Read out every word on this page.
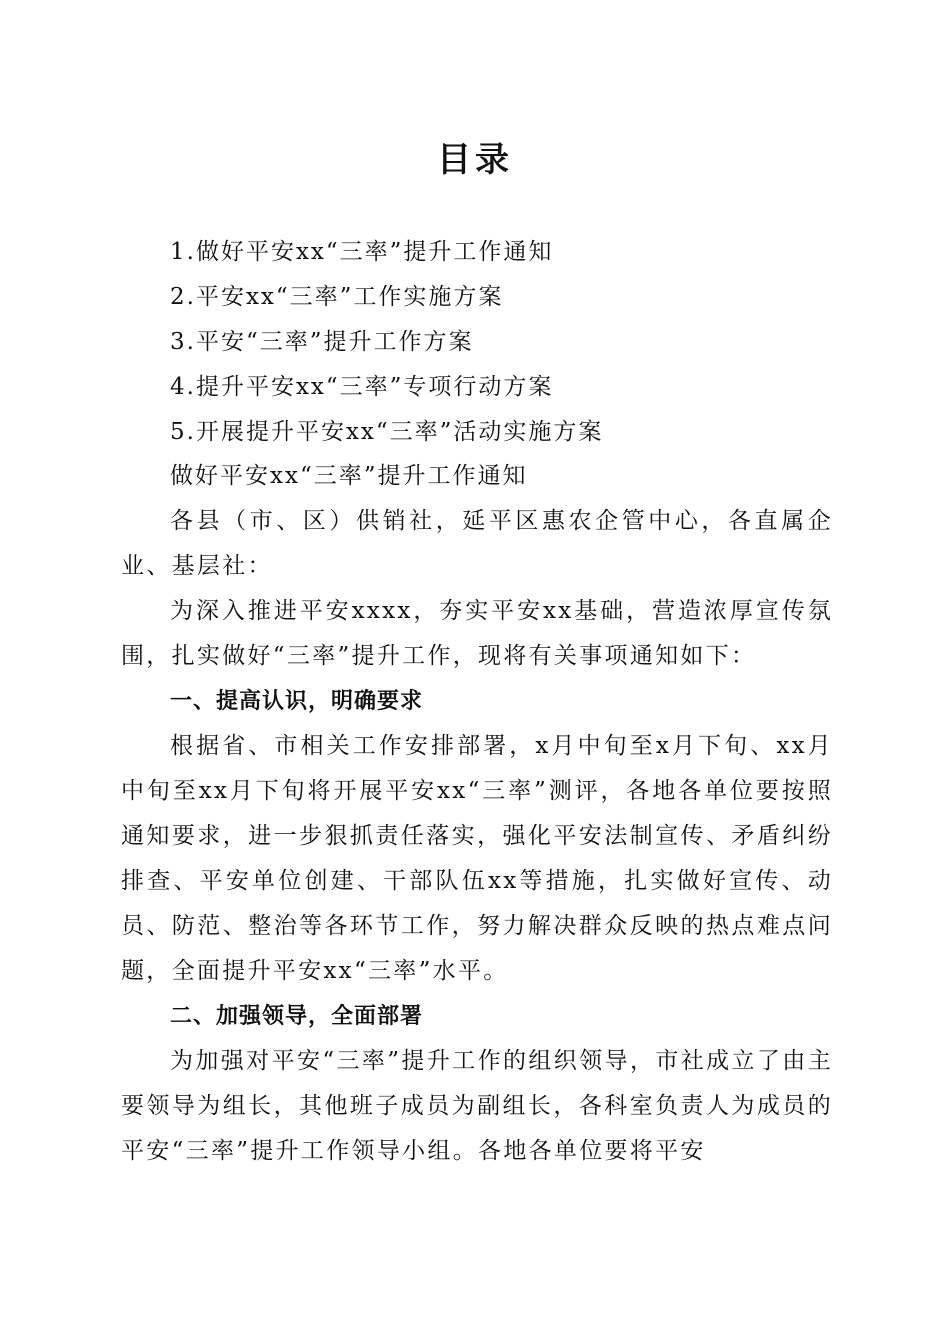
目录
1.做好平安xx“三率”提升工作通知
2.平安xx“三率”工作实施方案
3.平安“三率”提升工作方案
4.提升平安xx“三率”专项行动方案
5.开展提升平安xx“三率”活动实施方案

做好平安xx“三率”提升工作通知

各县（市、区）供销社，延平区惠农企管中心，各直属企业、基层社：

为深入推进平安xxxx，夯实平安xx基础，营造浓厚宣传氛围，扎实做好“三率”提升工作，现将有关事项通知如下：

一、提高认识，明确要求

根据省、市相关工作安排部署，x月中旬至x月下旬、xx月中旬至xx月下旬将开展平安xx“三率”测评，各地各单位要按照通知要求，进一步狠抓责任落实，强化平安法制宣传、矛盾纠纷排查、平安单位创建、干部队伍xx等措施，扎实做好宣传、动员、防范、整治等各环节工作，努力解决群众反映的热点难点问题，全面提升平安xx“三率”水平。

二、加强领导，全面部署

为加强对平安“三率”提升工作的组织领导，市社成立了由主要领导为组长，其他班子成员为副组长，各科室负责人为成员的平安“三率”提升工作领导小组。各地各单位要将平安
